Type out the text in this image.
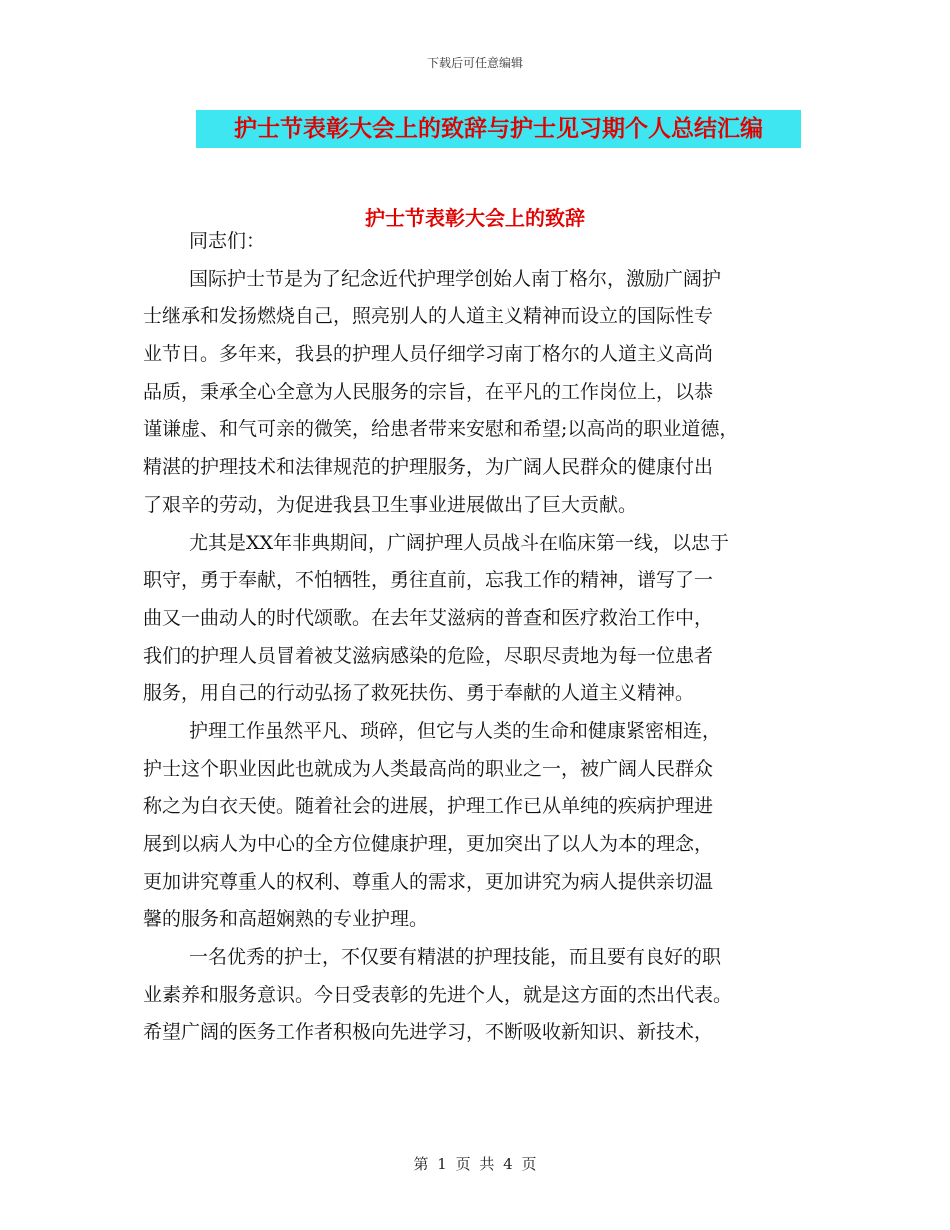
下载后可任意编辑
护士节表彰大会上的致辞与护士见习期个人总结汇编
护士节表彰大会上的致辞
同志们：
国际护士节是为了纪念近代护理学创始人南丁格尔，激励广阔护
士继承和发扬燃烧自己，照亮别人的人道主义精神而设立的国际性专
业节日。多年来，我县的护理人员仔细学习南丁格尔的人道主义高尚
品质，秉承全心全意为人民服务的宗旨，在平凡的工作岗位上，以恭
谨谦虚、和气可亲的微笑，给患者带来安慰和希望;以高尚的职业道德，
精湛的护理技术和法律规范的护理服务，为广阔人民群众的健康付出
了艰辛的劳动，为促进我县卫生事业进展做出了巨大贡献。
尤其是XX年非典期间，广阔护理人员战斗在临床第一线，以忠于
职守，勇于奉献，不怕牺牲，勇往直前，忘我工作的精神，谱写了一
曲又一曲动人的时代颂歌。在去年艾滋病的普查和医疗救治工作中，
我们的护理人员冒着被艾滋病感染的危险，尽职尽责地为每一位患者
服务，用自己的行动弘扬了救死扶伤、勇于奉献的人道主义精神。
护理工作虽然平凡、琐碎，但它与人类的生命和健康紧密相连，
护士这个职业因此也就成为人类最高尚的职业之一，被广阔人民群众
称之为白衣天使。随着社会的进展，护理工作已从单纯的疾病护理进
展到以病人为中心的全方位健康护理，更加突出了以人为本的理念，
更加讲究尊重人的权利、尊重人的需求，更加讲究为病人提供亲切温
馨的服务和高超娴熟的专业护理。
一名优秀的护士，不仅要有精湛的护理技能，而且要有良好的职
业素养和服务意识。今日受表彰的先进个人，就是这方面的杰出代表。
希望广阔的医务工作者积极向先进学习，不断吸收新知识、新技术，
第 1 页 共 4 页
